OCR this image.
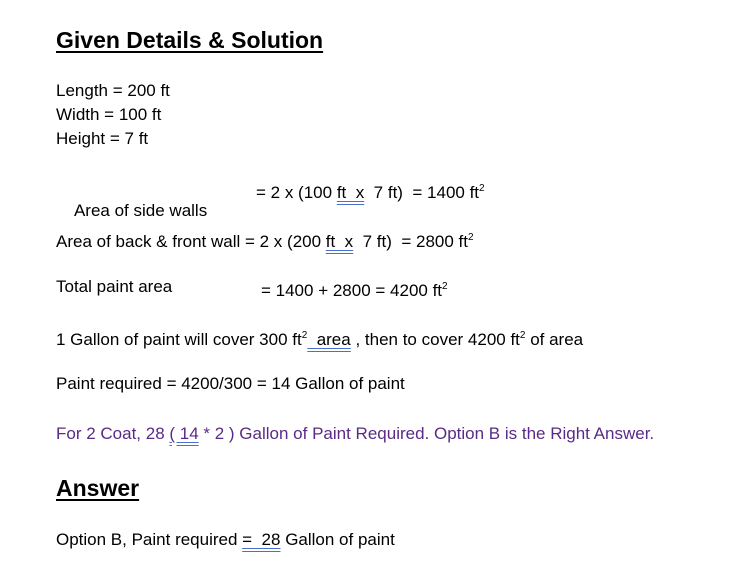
Given Details & Solution
Length = 200 ft
Width = 100 ft
Height = 7 ft

Area of side walls

= 2 x (100 ft  x  7 ft)  = 1400 $ft^2$
Area of back & front wall = 2 x (200 ft  x  7 ft)  = 2800 $ft^2$
Total paint area	= 1400 + 2800 = 4200 $ft^2$
1 Gallon of paint will cover 300 $ft^2$  area , then to cover 4200 $ft^2$ of area
Paint required = 4200/300 = 14 Gallon of paint
For 2 Coat, 28 ( 14 * 2 ) Gallon of Paint Required. Option B is the Right Answer.
Answer
Option B, Paint required =  28 Gallon of paint
